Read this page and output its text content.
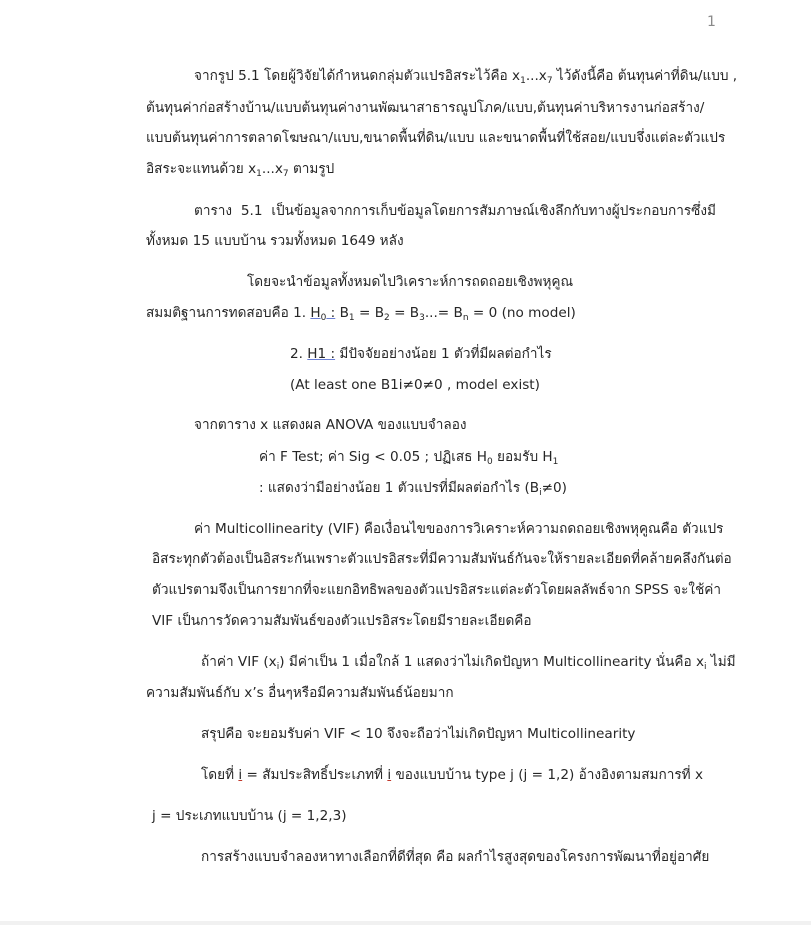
1
จากรูป 5.1 โดยผู้วิจัยได้กำหนดกลุ่มตัวแปรอิสระไว้คือ $x_1...x_7$ ไว้ดังนี้คือ ต้นทุนค่าที่ดิน/แบบ ,
ต้นทุนค่าก่อสร้างบ้าน/แบบต้นทุนค่างานพัฒนาสาธารณูปโภค/แบบ,ต้นทุนค่าบริหารงานก่อสร้าง/
แบบต้นทุนค่าการตลาดโฆษณา/แบบ,ขนาดพื้นที่ดิน/แบบ และขนาดพื้นที่ใช้สอย/แบบจึ่งแต่ละตัวแปร
อิสระจะแทนด้วย $x_1...x_7$ ตามรูป
ตาราง 5.1 เป็นข้อมูลจากการเก็บข้อมูลโดยการสัมภาษณ์เชิงลึกกับทางผู้ประกอบการซึ่งมี
ทั้งหมด 15 แบบบ้าน รวมทั้งหมด 1649 หลัง
โดยจะนำข้อมูลทั้งหมดไปวิเคราะห์การถดถอยเชิงพหุคูณ
สมมติฐานการทดสอบคือ 1. $H_0$ : $B_1 = B_2 = B_3...= B_n = 0$ (no model)
2. H1 : มีปัจจัยอย่างน้อย 1 ตัวที่มีผลต่อกำไร
(At least one B1i≠0≠0 , model exist)
จากตาราง x แสดงผล ANOVA ของแบบจำลอง
ค่า F Test; ค่า Sig < 0.05 ; ปฏิเสธ $H_0$ ยอมรับ $H_1$
: แสดงว่ามีอย่างน้อย 1 ตัวแปรที่มีผลต่อกำไร $(B_i\ne 0)$
ค่า Multicollinearity (VIF) คือเงื่อนไขของการวิเคราะห์ความถดถอยเชิงพหุคูณคือ ตัวแปร
อิสระทุกตัวต้องเป็นอิสระกันเพราะตัวแปรอิสระที่มีความสัมพันธ์กันจะให้รายละเอียดที่คล้ายคลึงกันต่อ
ตัวแปรตามจึงเป็นการยากที่จะแยกอิทธิพลของตัวแปรอิสระแต่ละตัวโดยผลลัพธ์จาก SPSS จะใช้ค่า
VIF เป็นการวัดความสัมพันธ์ของตัวแปรอิสระโดยมีรายละเอียดคือ
ถ้าค่า VIF $(x_i)$ มีค่าเป็น 1 เมื่อใกล้ 1 แสดงว่าไม่เกิดปัญหา Multicollinearity นั่นคือ $x_i$ ไม่มี
ความสัมพันธ์กับ x’s อื่นๆหรือมีความสัมพันธ์น้อยมาก
สรุปคือ จะยอมรับค่า VIF < 10 จึงจะถือว่าไม่เกิดปัญหา Multicollinearity
โดยที่ i = สัมประสิทธิ์ประเภทที่ i ของแบบบ้าน type j (j = 1,2) อ้างอิงตามสมการที่ x
j = ประเภทแบบบ้าน (j = 1,2,3)
การสร้างแบบจำลองหาทางเลือกที่ดีที่สุด คือ ผลกำไรสูงสุดของโครงการพัฒนาที่อยู่อาศัย
